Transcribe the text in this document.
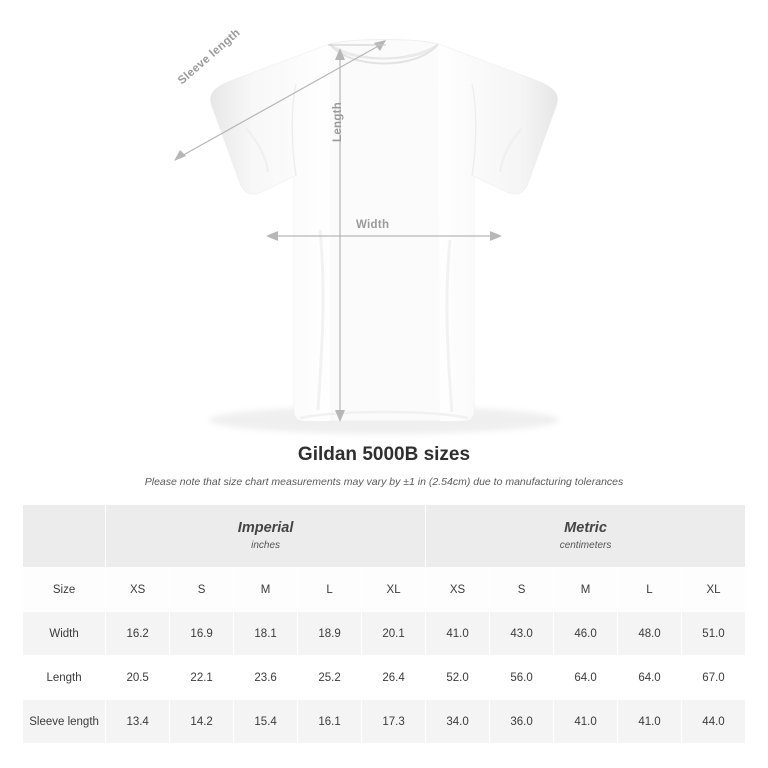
Length
Width
Sleeve length
Gildan 5000B sizes

Please note that size chart measurements may vary by ±1 in (2.54cm) due to manufacturing tolerances

Imperial
inches

Metric
centimeters

Size	XS	S	M	L	XL	XS	S	M	L	XL
Width	16.2	16.9	18.1	18.9	20.1	41.0	43.0	46.0	48.0	51.0
Length	20.5	22.1	23.6	25.2	26.4	52.0	56.0	64.0	64.0	67.0
Sleeve length	13.4	14.2	15.4	16.1	17.3	34.0	36.0	41.0	41.0	44.0
